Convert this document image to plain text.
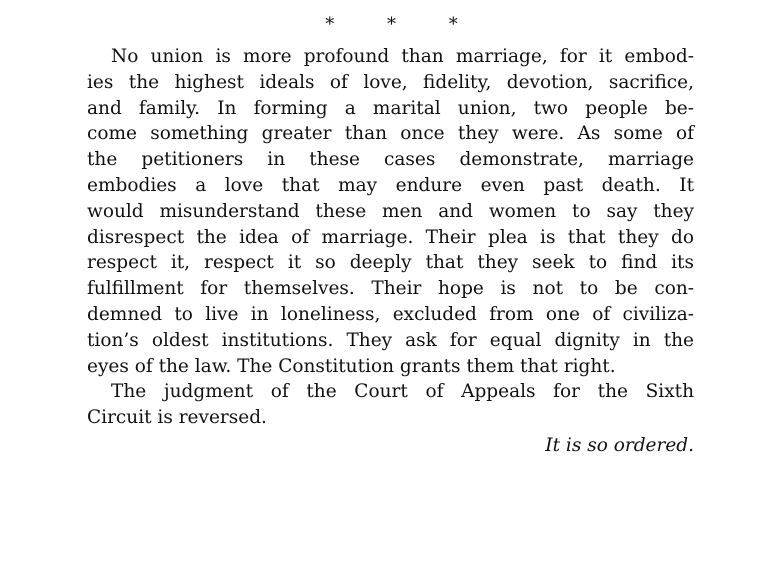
*	*	*
No union is more profound than marriage, for it embod-
ies the highest ideals of love, fidelity, devotion, sacrifice,
and family. In forming a marital union, two people be-
come something greater than once they were. As some of
the petitioners in these cases demonstrate, marriage
embodies a love that may endure even past death. It
would misunderstand these men and women to say they
disrespect the idea of marriage. Their plea is that they do
respect it, respect it so deeply that they seek to find its
fulfillment for themselves. Their hope is not to be con-
demned to live in loneliness, excluded from one of civiliza-
tion’s oldest institutions. They ask for equal dignity in the
eyes of the law. The Constitution grants them that right.
The judgment of the Court of Appeals for the Sixth
Circuit is reversed.
It is so ordered.
